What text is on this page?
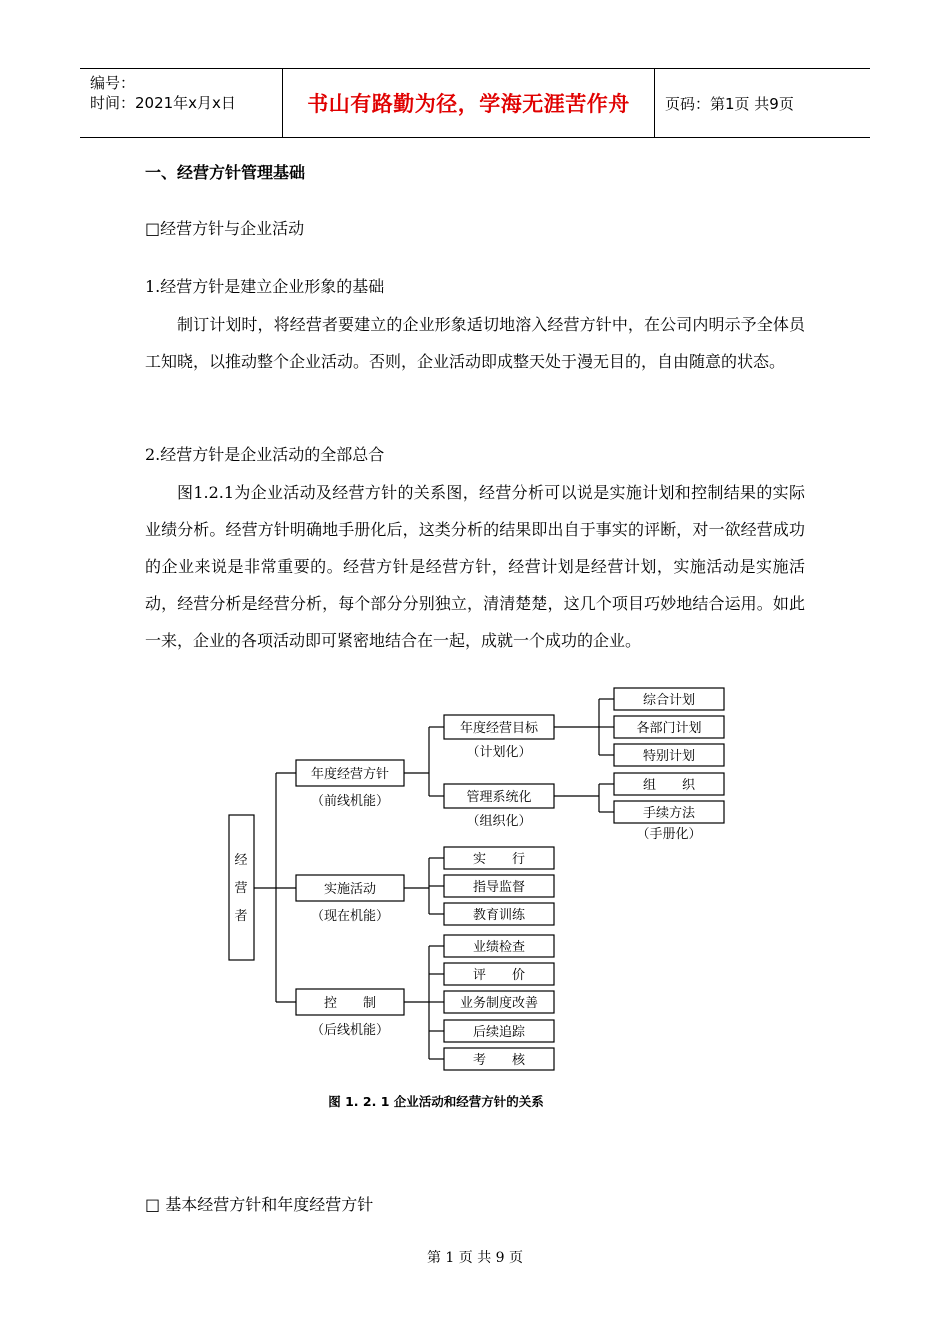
编号：
时间：2021年x月x日	书山有路勤为径，学海无涯苦作舟	页码：第1页 共9页
一、经营方针管理基础
□经营方针与企业活动
1.经营方针是建立企业形象的基础
制订计划时，将经营者要建立的企业形象适切地溶入经营方针中，在公司内明示予全体员工知晓，以推动整个企业活动。否则，企业活动即成整天处于漫无目的，自由随意的状态。
2.经营方针是企业活动的全部总合
图1.2.1为企业活动及经营方针的关系图，经营分析可以说是实施计划和控制结果的实际业绩分析。经营方针明确地手册化后，这类分析的结果即出自于事实的评断，对一欲经营成功的企业来说是非常重要的。经营方针是经营方针，经营计划是经营计划，实施活动是实施活动，经营分析是经营分析，每个部分分别独立，清清楚楚，这几个项目巧妙地结合运用。如此一来，企业的各项活动即可紧密地结合在一起，成就一个成功的企业。
经
营
者
年度经营方针
（前线机能）
实施活动
（现在机能）
控　　制
（后线机能）
年度经营目标
（计划化）
管理系统化
（组织化）
综合计划
各部门计划
特别计划
组　　织
手续方法
（手册化）
实　　行
指导监督
教育训练
业绩检查
评　　价
业务制度改善
后续追踪
考　　核
图 1. 2. 1 企业活动和经营方针的关系
□ 基本经营方针和年度经营方针
第 1 页 共 9 页
